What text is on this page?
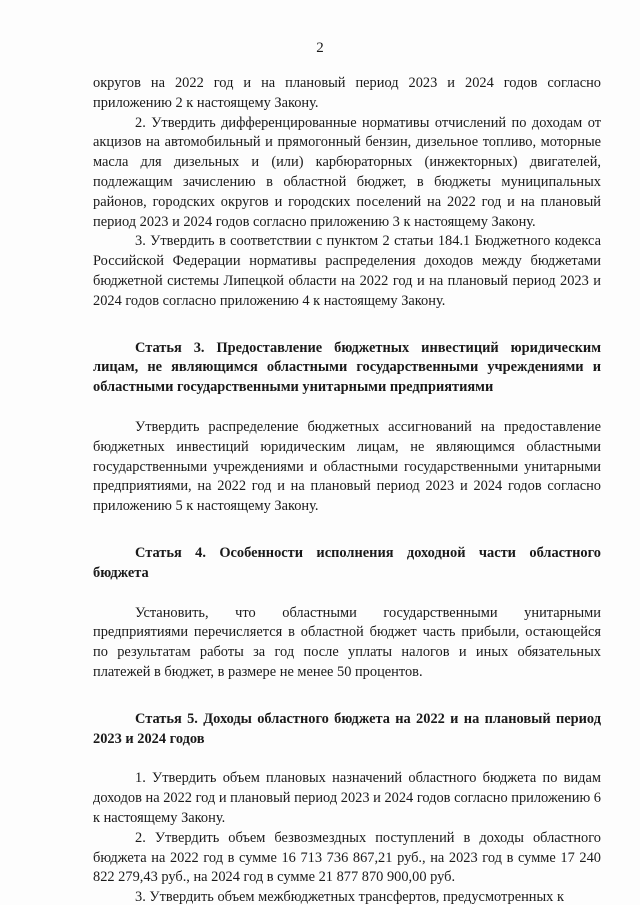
2

округов на 2022 год и на плановый период 2023 и 2024 годов согласно приложению 2 к настоящему Закону.

2. Утвердить дифференцированные нормативы отчислений по доходам от акцизов на автомобильный и прямогонный бензин, дизельное топливо, моторные масла для дизельных и (или) карбюраторных (инжекторных) двигателей, подлежащим зачислению в областной бюджет, в бюджеты муниципальных районов, городских округов и городских поселений на 2022 год и на плановый период 2023 и 2024 годов согласно приложению 3 к настоящему Закону.

3. Утвердить в соответствии с пунктом 2 статьи 184.1 Бюджетного кодекса Российской Федерации нормативы распределения доходов между бюджетами бюджетной системы Липецкой области на 2022 год и на плановый период 2023 и 2024 годов согласно приложению 4 к настоящему Закону.

Статья 3. Предоставление бюджетных инвестиций юридическим лицам, не являющимся областными государственными учреждениями и областными государственными унитарными предприятиями

Утвердить распределение бюджетных ассигнований на предоставление бюджетных инвестиций юридическим лицам, не являющимся областными государственными учреждениями и областными государственными унитарными предприятиями, на 2022 год и на плановый период 2023 и 2024 годов согласно приложению 5 к настоящему Закону.

Статья 4. Особенности исполнения доходной части областного бюджета

Установить, что областными государственными унитарными предприятиями перечисляется в областной бюджет часть прибыли, остающейся по результатам работы за год после уплаты налогов и иных обязательных платежей в бюджет, в размере не менее 50 процентов.

Статья 5. Доходы областного бюджета на 2022 и на плановый период 2023 и 2024 годов

1. Утвердить объем плановых назначений областного бюджета по видам доходов на 2022 год и плановый период 2023 и 2024 годов согласно приложению 6 к настоящему Закону.

2. Утвердить объем безвозмездных поступлений в доходы областного бюджета на 2022 год в сумме 16 713 736 867,21 руб., на 2023 год в сумме 17 240 822 279,43 руб., на 2024 год в сумме 21 877 870 900,00 руб.

3. Утвердить объем межбюджетных трансфертов, предусмотренных к
